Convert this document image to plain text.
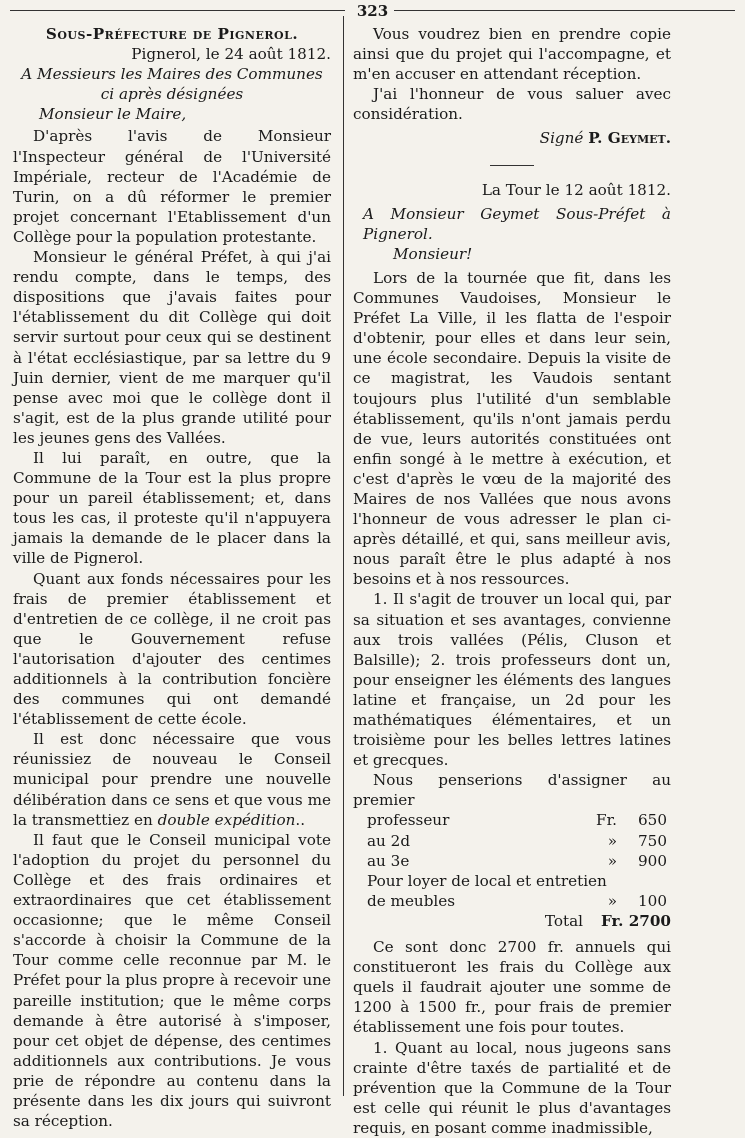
323

Sous-Préfecture de Pignerol.

Pignerol, le 24 août 1812.

A Messieurs les Maires des Communes ci après désignées

Monsieur le Maire,

D'après l'avis de Monsieur l'Inspecteur général de l'Université Impériale, recteur de l'Académie de Turin, on a dû réformer le premier projet concernant l'Etablissement d'un Collège pour la population protestante.

Monsieur le général Préfet, à qui j'ai rendu compte, dans le temps, des dispositions que j'avais faites pour l'établissement du dit Collège qui doit servir surtout pour ceux qui se destinent à l'état ecclésiastique, par sa lettre du 9 Juin dernier, vient de me marquer qu'il pense avec moi que le collège dont il s'agit, est de la plus grande utilité pour les jeunes gens des Vallées.

Il lui paraît, en outre, que la Commune de la Tour est la plus propre pour un pareil établissement; et, dans tous les cas, il proteste qu'il n'appuyera jamais la demande de le placer dans la ville de Pignerol.

Quant aux fonds nécessaires pour les frais de premier établissement et d'entretien de ce collège, il ne croit pas que le Gouvernement refuse l'autorisation d'ajouter des centimes additionnels à la contribution foncière des communes qui ont demandé l'établissement de cette école.

Il est donc nécessaire que vous réunissiez de nouveau le Conseil municipal pour prendre une nouvelle délibération dans ce sens et que vous me la transmettiez en double expédition..

Il faut que le Conseil municipal vote l'adoption du projet du personnel du Collège et des frais ordinaires et extraordinaires que cet établissement occasionne; que le même Conseil s'accorde à choisir la Commune de la Tour comme celle reconnue par M. le Préfet pour la plus propre à recevoir une pareille institution; que le même corps demande à être autorisé à s'imposer, pour cet objet de dépense, des centimes additionnels aux contributions. Je vous prie de répondre au contenu dans la présente dans les dix jours qui suivront sa réception.

Vous voudrez bien en prendre copie ainsi que du projet qui l'accompagne, et m'en accuser en attendant réception.

J'ai l'honneur de vous saluer avec considération.

Signé P. Geymet.

La Tour le 12 août 1812.

A Monsieur Geymet Sous-Préfet à Pignerol.

Monsieur!

Lors de la tournée que fit, dans les Communes Vaudoises, Monsieur le Préfet La Ville, il les flatta de l'espoir d'obtenir, pour elles et dans leur sein, une école secondaire. Depuis la visite de ce magistrat, les Vaudois sentant toujours plus l'utilité d'un semblable établissement, qu'ils n'ont jamais perdu de vue, leurs autorités constituées ont enfin songé à le mettre à exécution, et c'est d'après le vœu de la majorité des Maires de nos Vallées que nous avons l'honneur de vous adresser le plan ci-après détaillé, et qui, sans meilleur avis, nous paraît être le plus adapté à nos besoins et à nos ressources.

1. Il s'agit de trouver un local qui, par sa situation et ses avantages, convienne aux trois vallées (Pélis, Cluson et Balsille); 2. trois professeurs dont un, pour enseigner les éléments des langues latine et française, un 2d pour les mathématiques élémentaires, et un troisième pour les belles lettres latines et grecques.

Nous penserions d'assigner au premier

professeur	Fr.	650
au 2d	»	750
au 3e	»	900
Pour loyer de local et entretien		
de meubles	»	100

Total Fr. 2700

Ce sont donc 2700 fr. annuels qui constitueront les frais du Collège aux quels il faudrait ajouter une somme de 1200 à 1500 fr., pour frais de premier établissement une fois pour toutes.

1. Quant au local, nous jugeons sans crainte d'être taxés de partialité et de prévention que la Commune de la Tour est celle qui réunit le plus d'avantages requis, en posant comme inadmissible,
